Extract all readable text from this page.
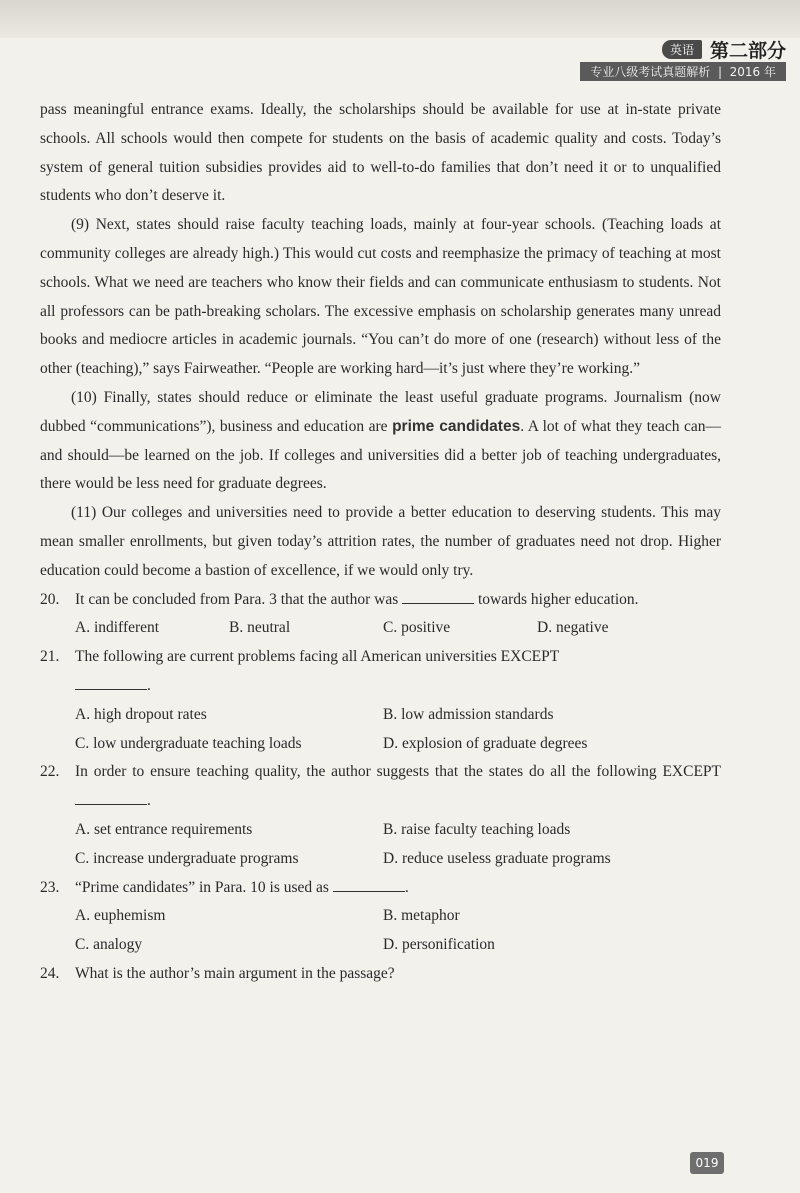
英语 第二部分
专业八级考试真题解析  |  2016 年

pass meaningful entrance exams. Ideally, the scholarships should be available for use at in-state private schools. All schools would then compete for students on the basis of academic quality and costs. Today’s system of general tuition subsidies provides aid to well-to-do families that don’t need it or to unqualified students who don’t deserve it.

(9) Next, states should raise faculty teaching loads, mainly at four-year schools. (Teaching loads at community colleges are already high.) This would cut costs and reemphasize the primacy of teaching at most schools. What we need are teachers who know their fields and can communicate enthusiasm to students. Not all professors can be path-breaking scholars. The excessive emphasis on scholarship generates many unread books and mediocre articles in academic journals. “You can’t do more of one (research) without less of the other (teaching),” says Fairweather. “People are working hard—it’s just where they’re working.”

(10) Finally, states should reduce or eliminate the least useful graduate programs. Journalism (now dubbed “communications”), business and education are prime candidates. A lot of what they teach can—and should—be learned on the job. If colleges and universities did a better job of teaching undergraduates, there would be less need for graduate degrees.

(11) Our colleges and universities need to provide a better education to deserving students. This may mean smaller enrollments, but given today’s attrition rates, the number of graduates need not drop. Higher education could become a bastion of excellence, if we would only try.

20.	It can be concluded from Para. 3 that the author was	towards higher education.
A. indifferent	B. neutral	C. positive	D. negative
21.	The following are current problems facing all American universities EXCEPT
.
A. high dropout rates	B. low admission standards
C. low undergraduate teaching loads	D. explosion of graduate degrees
22.	In order to ensure teaching quality, the author suggests that the states do all the following EXCEPT .
A. set entrance requirements	B. raise faculty teaching loads
C. increase undergraduate programs	D. reduce useless graduate programs
23.	“Prime candidates” in Para. 10 is used as	.
A. euphemism	B. metaphor
C. analogy	D. personification
24.	What is the author’s main argument in the passage?
019
